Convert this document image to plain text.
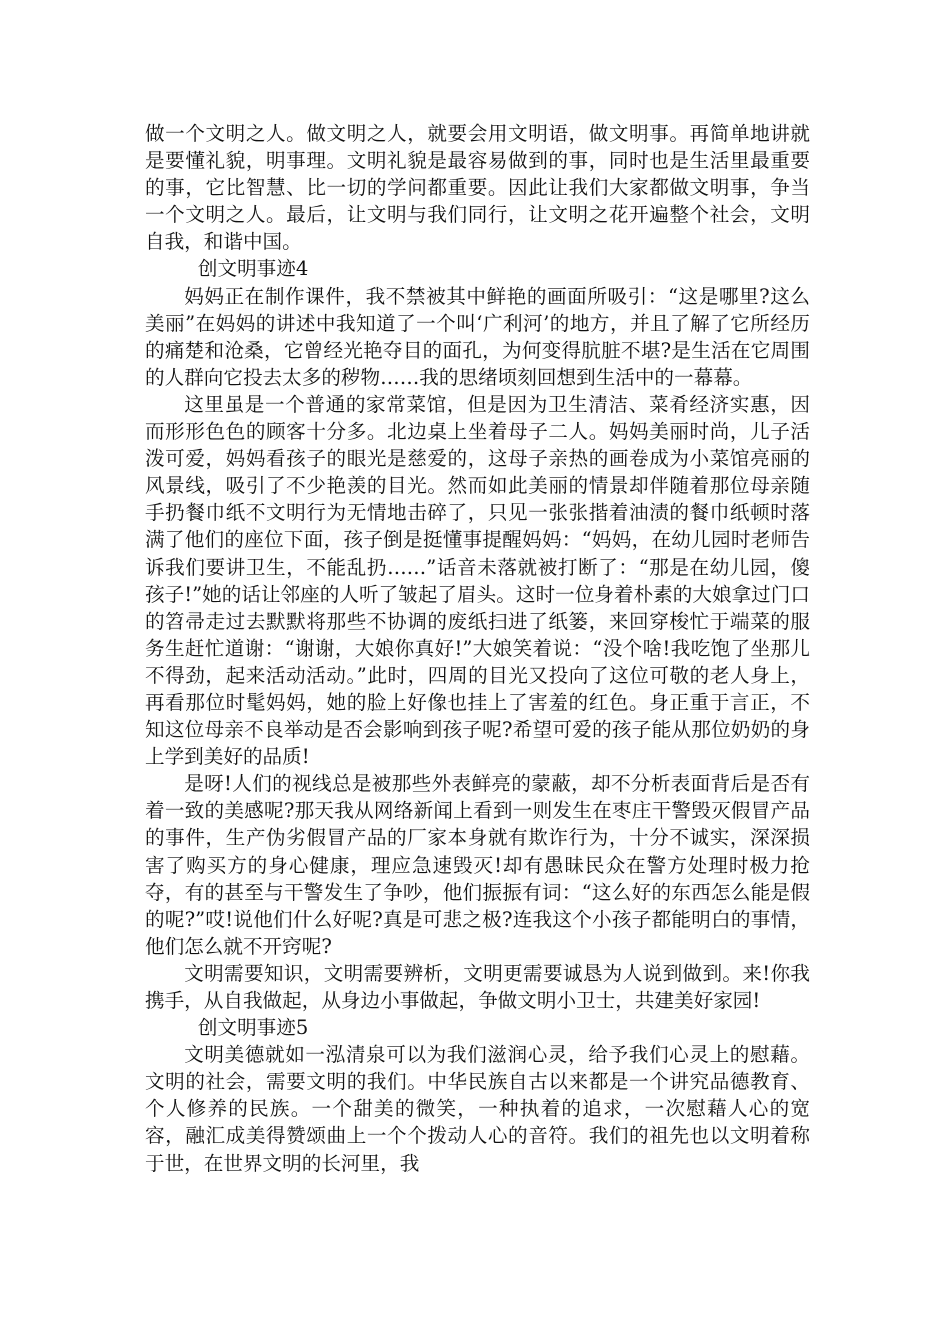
做一个文明之人。做文明之人，就要会用文明语，做文明事。再简单地讲就是要懂礼貌，明事理。文明礼貌是最容易做到的事，同时也是生活里最重要的事，它比智慧、比一切的学问都重要。因此让我们大家都做文明事，争当一个文明之人。最后，让文明与我们同行，让文明之花开遍整个社会，文明自我，和谐中国。

创文明事迹4

妈妈正在制作课件，我不禁被其中鲜艳的画面所吸引：“这是哪里?这么美丽”在妈妈的讲述中我知道了一个叫‘广利河’的地方，并且了解了它所经历的痛楚和沧桑，它曾经光艳夺目的面孔，为何变得肮脏不堪?是生活在它周围的人群向它投去太多的秽物……我的思绪顷刻回想到生活中的一幕幕。

这里虽是一个普通的家常菜馆，但是因为卫生清洁、菜肴经济实惠，因而形形色色的顾客十分多。北边桌上坐着母子二人。妈妈美丽时尚，儿子活泼可爱，妈妈看孩子的眼光是慈爱的，这母子亲热的画卷成为小菜馆亮丽的风景线，吸引了不少艳羡的目光。然而如此美丽的情景却伴随着那位母亲随手扔餐巾纸不文明行为无情地击碎了，只见一张张揩着油渍的餐巾纸顿时落满了他们的座位下面，孩子倒是挺懂事提醒妈妈：“妈妈，在幼儿园时老师告诉我们要讲卫生，不能乱扔……”话音未落就被打断了：“那是在幼儿园，傻孩子!”她的话让邻座的人听了皱起了眉头。这时一位身着朴素的大娘拿过门口的笤帚走过去默默将那些不协调的废纸扫进了纸篓，来回穿梭忙于端菜的服务生赶忙道谢：“谢谢，大娘你真好!”大娘笑着说：“没个啥!我吃饱了坐那儿不得劲，起来活动活动。”此时，四周的目光又投向了这位可敬的老人身上，再看那位时髦妈妈，她的脸上好像也挂上了害羞的红色。身正重于言正，不知这位母亲不良举动是否会影响到孩子呢?希望可爱的孩子能从那位奶奶的身上学到美好的品质!

是呀!人们的视线总是被那些外表鲜亮的蒙蔽，却不分析表面背后是否有着一致的美感呢?那天我从网络新闻上看到一则发生在枣庄干警毁灭假冒产品的事件，生产伪劣假冒产品的厂家本身就有欺诈行为，十分不诚实，深深损害了购买方的身心健康，理应急速毁灭!却有愚昧民众在警方处理时极力抢夺，有的甚至与干警发生了争吵，他们振振有词：“这么好的东西怎么能是假的呢?”哎!说他们什么好呢?真是可悲之极?连我这个小孩子都能明白的事情，他们怎么就不开窍呢?

文明需要知识，文明需要辨析，文明更需要诚恳为人说到做到。来!你我携手，从自我做起，从身边小事做起，争做文明小卫士，共建美好家园!

创文明事迹5

文明美德就如一泓清泉可以为我们滋润心灵，给予我们心灵上的慰藉。文明的社会，需要文明的我们。中华民族自古以来都是一个讲究品德教育、个人修养的民族。一个甜美的微笑，一种执着的追求，一次慰藉人心的宽容，融汇成美得赞颂曲上一个个拨动人心的音符。我们的祖先也以文明着称于世，在世界文明的长河里，我
